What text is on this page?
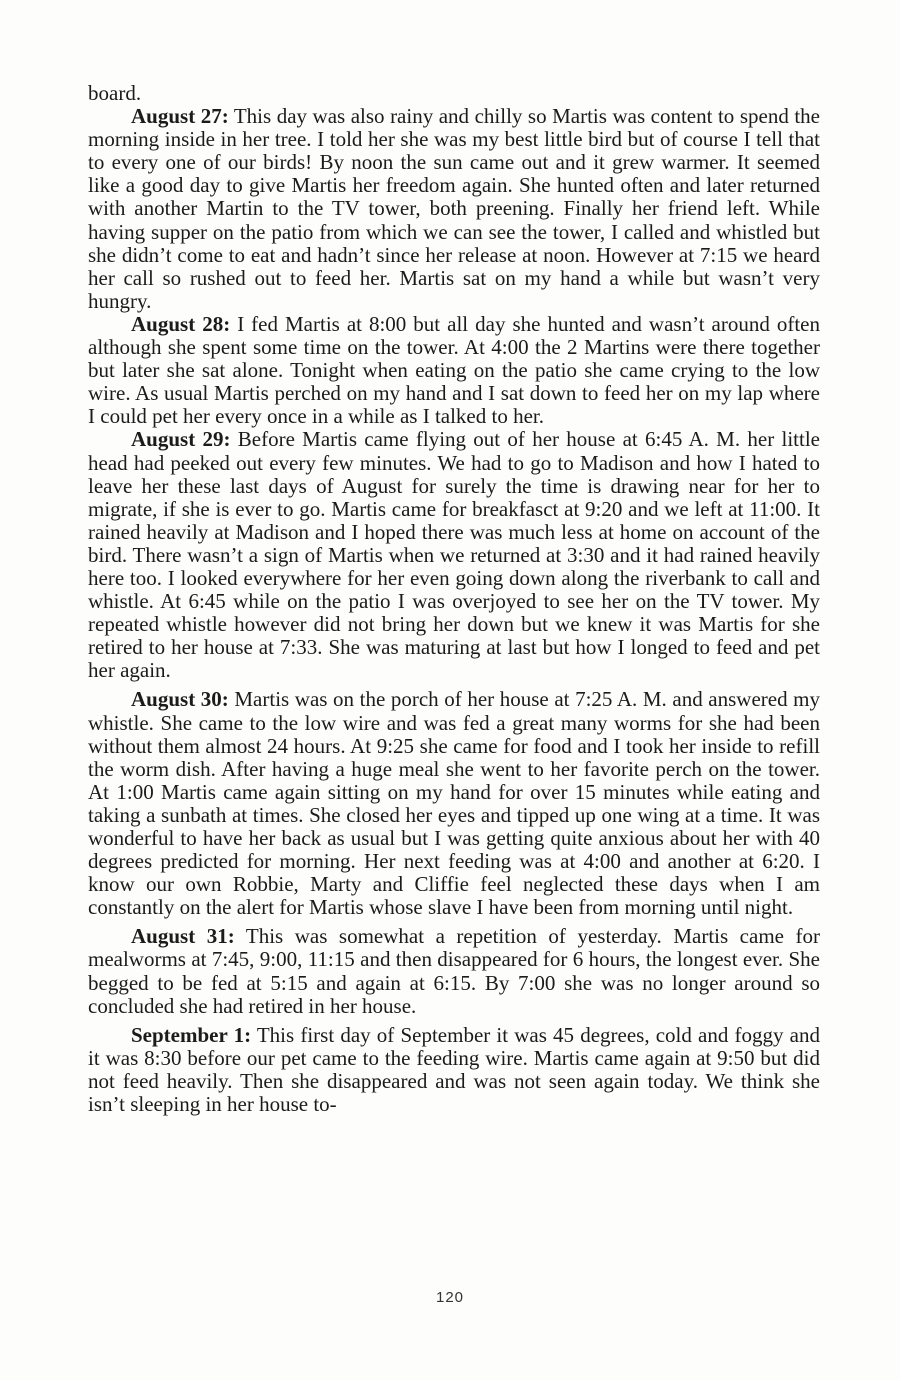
board.

August 27: This day was also rainy and chilly so Martis was content to spend the morning inside in her tree. I told her she was my best little bird but of course I tell that to every one of our birds! By noon the sun came out and it grew warmer. It seemed like a good day to give Martis her freedom again. She hunted often and later returned with another Martin to the TV tower, both preening. Finally her friend left. While having supper on the patio from which we can see the tower, I called and whistled but she didn’t come to eat and hadn’t since her release at noon. However at 7:15 we heard her call so rushed out to feed her. Martis sat on my hand a while but wasn’t very hungry.

August 28: I fed Martis at 8:00 but all day she hunted and wasn’t around often although she spent some time on the tower. At 4:00 the 2 Martins were there together but later she sat alone. Tonight when eating on the patio she came crying to the low wire. As usual Martis perched on my hand and I sat down to feed her on my lap where I could pet her every once in a while as I talked to her.

August 29: Before Martis came flying out of her house at 6:45 A. M. her little head had peeked out every few minutes. We had to go to Madison and how I hated to leave her these last days of August for surely the time is drawing near for her to migrate, if she is ever to go. Martis came for breakfasct at 9:20 and we left at 11:00. It rained heavily at Madison and I hoped there was much less at home on account of the bird. There wasn’t a sign of Martis when we returned at 3:30 and it had rained heavily here too. I looked everywhere for her even going down along the riverbank to call and whistle. At 6:45 while on the patio I was overjoyed to see her on the TV tower. My repeated whistle however did not bring her down but we knew it was Martis for she retired to her house at 7:33. She was maturing at last but how I longed to feed and pet her again.

August 30: Martis was on the porch of her house at 7:25 A. M. and answered my whistle. She came to the low wire and was fed a great many worms for she had been without them almost 24 hours. At 9:25 she came for food and I took her inside to refill the worm dish. After having a huge meal she went to her favorite perch on the tower. At 1:00 Martis came again sitting on my hand for over 15 minutes while eating and taking a sunbath at times. She closed her eyes and tipped up one wing at a time. It was wonderful to have her back as usual but I was getting quite anxious about her with 40 degrees predicted for morning. Her next feeding was at 4:00 and another at 6:20. I know our own Robbie, Marty and Cliffie feel neglected these days when I am constantly on the alert for Martis whose slave I have been from morning until night.

August 31: This was somewhat a repetition of yesterday. Martis came for mealworms at 7:45, 9:00, 11:15 and then disappeared for 6 hours, the longest ever. She begged to be fed at 5:15 and again at 6:15. By 7:00 she was no longer around so concluded she had retired in her house.

September 1: This first day of September it was 45 degrees, cold and foggy and it was 8:30 before our pet came to the feeding wire. Martis came again at 9:50 but did not feed heavily. Then she disappeared and was not seen again today. We think she isn’t sleeping in her house to-

120
